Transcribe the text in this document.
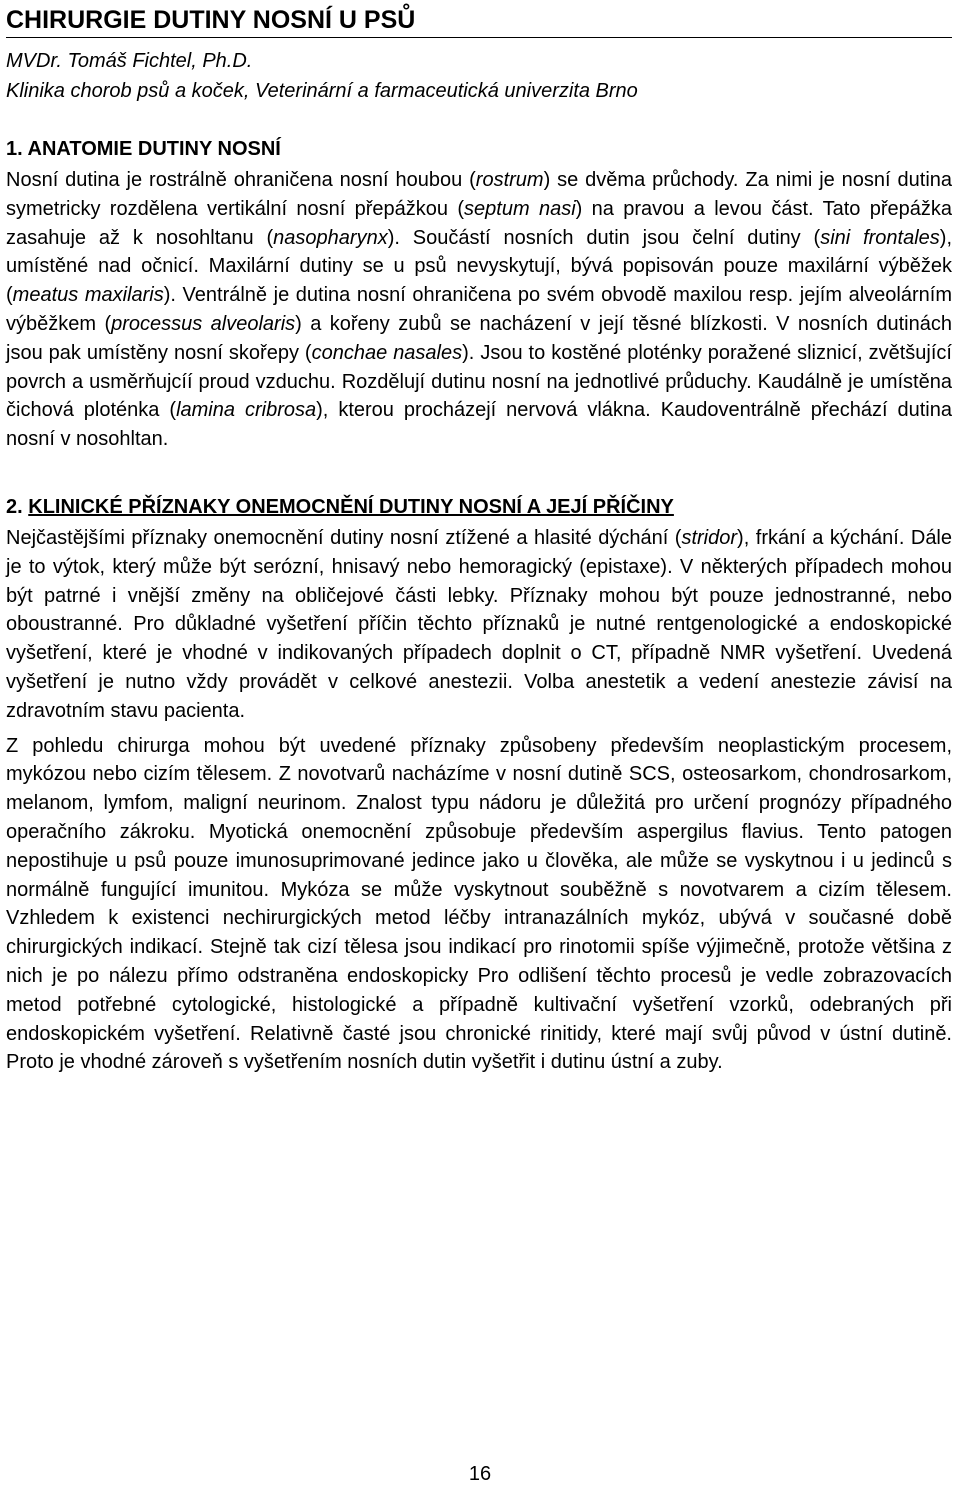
CHIRURGIE DUTINY NOSNÍ U PSŮ
MVDr. Tomáš Fichtel, Ph.D.
Klinika chorob psů a koček, Veterinární a farmaceutická univerzita Brno
1. ANATOMIE DUTINY NOSNÍ

Nosní dutina je rostrálně ohraničena nosní houbou (rostrum) se dvěma průchody. Za nimi je nosní dutina symetricky rozdělena vertikální nosní přepážkou (septum nasi) na pravou a levou část. Tato přepážka zasahuje až k nosohltanu (nasopharynx). Součástí nosních dutin jsou čelní dutiny (sini frontales), umístěné nad očnicí. Maxilární dutiny se u psů nevyskytují, bývá popisován pouze maxilární výběžek (meatus maxilaris). Ventrálně je dutina nosní ohraničena po svém obvodě maxilou resp. jejím alveolárním výběžkem (processus alveolaris) a kořeny zubů se nacházení v její těsné blízkosti. V nosních dutinách jsou pak umístěny nosní skořepy (conchae nasales). Jsou to kostěné ploténky poražené sliznicí, zvětšující povrch a usměrňujcíí proud vzduchu. Rozdělují dutinu nosní na jednotlivé průduchy. Kaudálně je umístěna čichová ploténka (lamina cribrosa), kterou procházejí nervová vlákna. Kaudoventrálně přechází dutina nosní v nosohltan.

2. KLINICKÉ PŘÍZNAKY ONEMOCNĚNÍ DUTINY NOSNÍ A JEJÍ PŘÍČINY

Nejčastějšími příznaky onemocnění dutiny nosní ztížené a hlasité dýchání (stridor), frkání a kýchání. Dále je to výtok, který může být serózní, hnisavý nebo hemoragický (epistaxe). V některých případech mohou být patrné i vnější změny na obličejové části lebky. Příznaky mohou být pouze jednostranné, nebo oboustranné. Pro důkladné vyšetření příčin těchto příznaků je nutné rentgenologické a endoskopické vyšetření, které je vhodné v indikovaných případech doplnit o CT, případně NMR vyšetření. Uvedená vyšetření je nutno vždy provádět v celkové anestezii. Volba anestetik a vedení anestezie závisí na zdravotním stavu pacienta.

Z pohledu chirurga mohou být uvedené příznaky způsobeny především neoplastickým procesem, mykózou nebo cizím tělesem. Z novotvarů nacházíme v nosní dutině SCS, osteosarkom, chondrosarkom, melanom, lymfom, maligní neurinom. Znalost typu nádoru je důležitá pro určení prognózy případného operačního zákroku. Myotická onemocnění způsobuje především aspergilus flavius. Tento patogen nepostihuje u psů pouze imunosuprimované jedince jako u člověka, ale může se vyskytnou i u jedinců s normálně fungující imunitou. Mykóza se může vyskytnout souběžně s novotvarem a cizím tělesem. Vzhledem k existenci nechirurgických metod léčby intranazálních mykóz, ubývá v současné době chirurgických indikací. Stejně tak cizí tělesa jsou indikací pro rinotomii spíše výjimečně, protože většina z nich je po nálezu přímo odstraněna endoskopicky Pro odlišení těchto procesů je vedle zobrazovacích metod potřebné cytologické, histologické a případně kultivační vyšetření vzorků, odebraných při endoskopickém vyšetření. Relativně časté jsou chronické rinitidy, které mají svůj původ v ústní dutině. Proto je vhodné zároveň s vyšetřením nosních dutin vyšetřit i dutinu ústní a zuby.

16
